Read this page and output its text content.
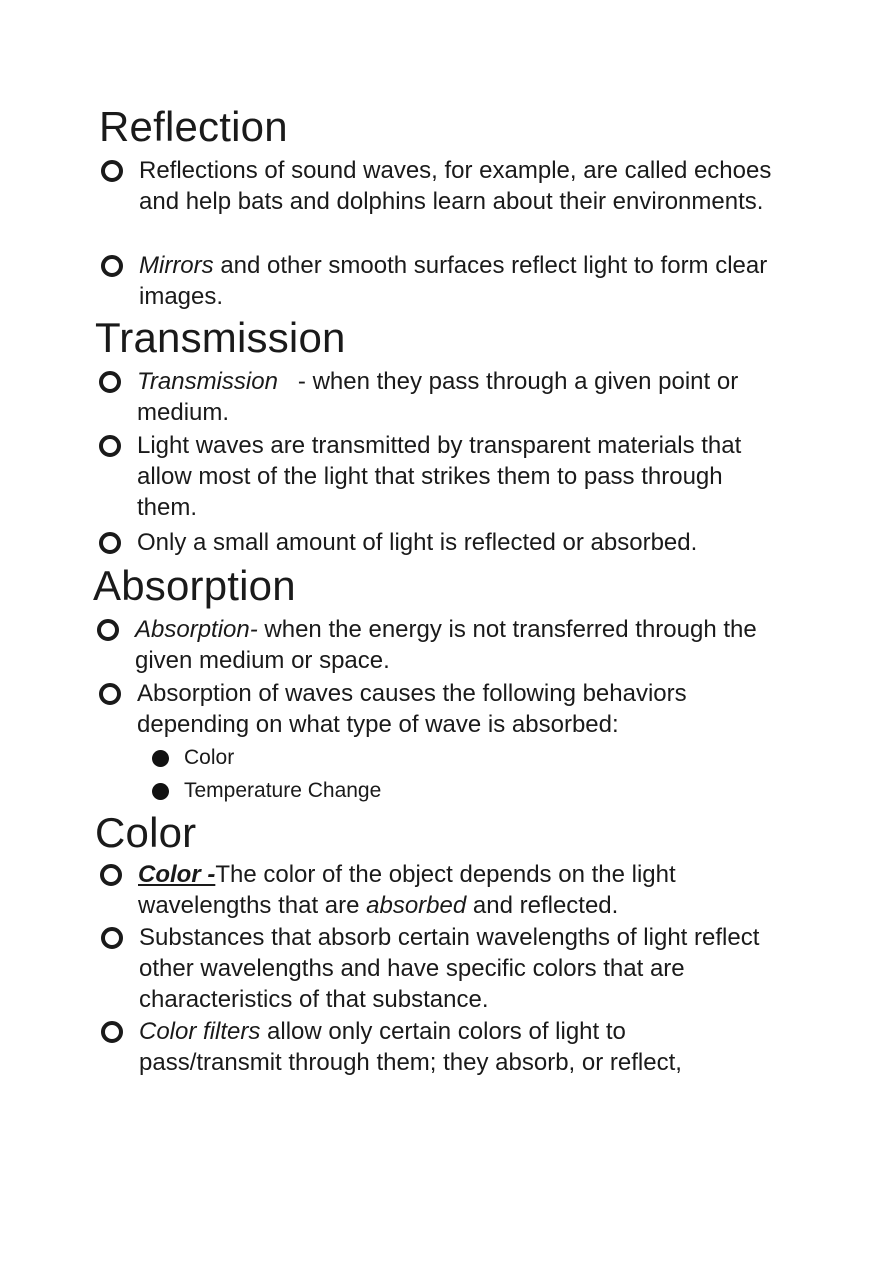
Reflection
Reflections of sound waves, for example, are called echoes and help bats and dolphins learn about their environments.
Mirrors and other smooth surfaces reflect light to form clear images.
Transmission
Transmission   - when they pass through a given point or medium.
Light waves are transmitted by transparent materials that allow most of the light that strikes them to pass through them.
Only a small amount of light is reflected or absorbed.
Absorption
Absorption- when the energy is not transferred through the given medium or space.
Absorption of waves causes the following behaviors depending on what type of wave is absorbed:
Color
Temperature Change
Color
Color -The color of the object depends on the light wavelengths that are absorbed and reflected.
Substances that absorb certain wavelengths of light reflect other wavelengths and have specific colors that are characteristics of that substance.
Color filters allow only certain colors of light to pass/transmit through them; they absorb, or reflect,
